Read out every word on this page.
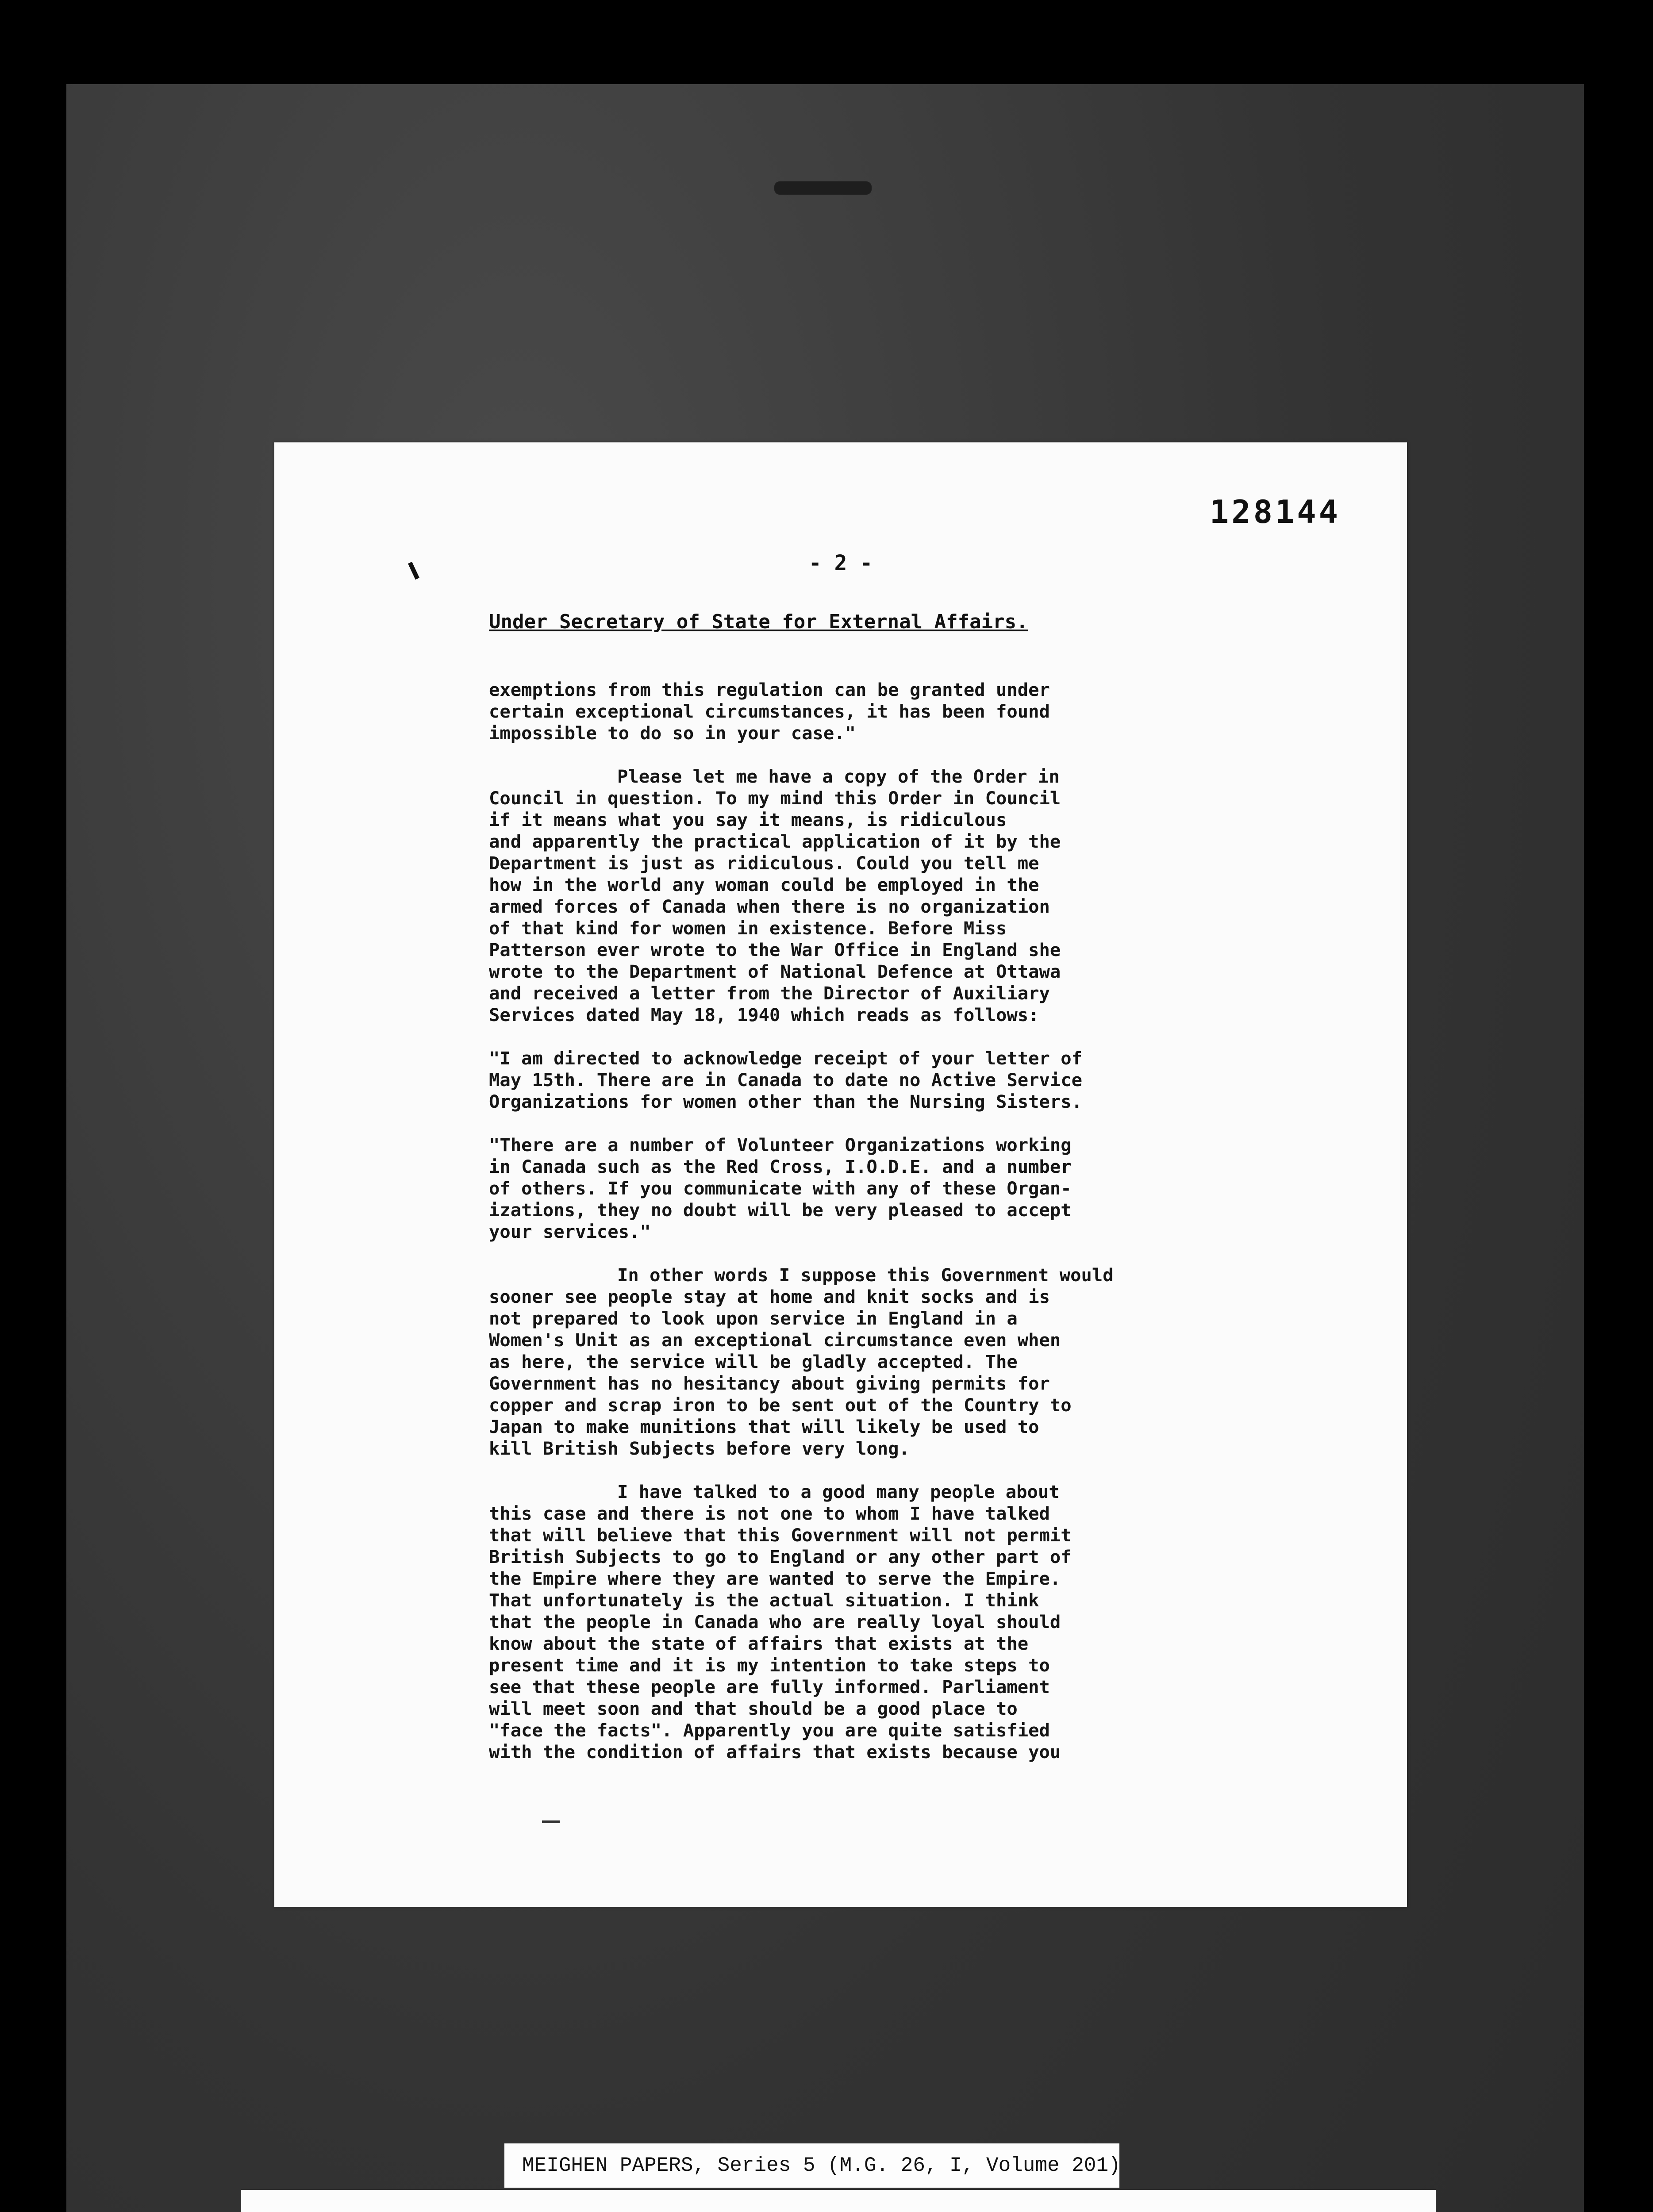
128144
- 2 -
Under Secretary of State for External Affairs.

exemptions from this regulation can be granted under
certain exceptional circumstances, it has been found
impossible to do so in your case."

Please let me have a copy of the Order in
Council in question. To my mind this Order in Council
if it means what you say it means, is ridiculous
and apparently the practical application of it by the
Department is just as ridiculous. Could you tell me
how in the world any woman could be employed in the
armed forces of Canada when there is no organization
of that kind for women in existence. Before Miss
Patterson ever wrote to the War Office in England she
wrote to the Department of National Defence at Ottawa
and received a letter from the Director of Auxiliary
Services dated May 18, 1940 which reads as follows:

"I am directed to acknowledge receipt of your letter of
May 15th. There are in Canada to date no Active Service
Organizations for women other than the Nursing Sisters.

"There are a number of Volunteer Organizations working
in Canada such as the Red Cross, I.O.D.E. and a number
of others. If you communicate with any of these Organ-
izations, they no doubt will be very pleased to accept
your services."

In other words I suppose this Government would
sooner see people stay at home and knit socks and is
not prepared to look upon service in England in a
Women's Unit as an exceptional circumstance even when
as here, the service will be gladly accepted. The
Government has no hesitancy about giving permits for
copper and scrap iron to be sent out of the Country to
Japan to make munitions that will likely be used to
kill British Subjects before very long.

I have talked to a good many people about
this case and there is not one to whom I have talked
that will believe that this Government will not permit
British Subjects to go to England or any other part of
the Empire where they are wanted to serve the Empire.
That unfortunately is the actual situation. I think
that the people in Canada who are really loyal should
know about the state of affairs that exists at the
present time and it is my intention to take steps to
see that these people are fully informed. Parliament
will meet soon and that should be a good place to
"face the facts". Apparently you are quite satisfied
with the condition of affairs that exists because you

MEIGHEN PAPERS, Series 5 (M.G. 26, I, Volume 201)
